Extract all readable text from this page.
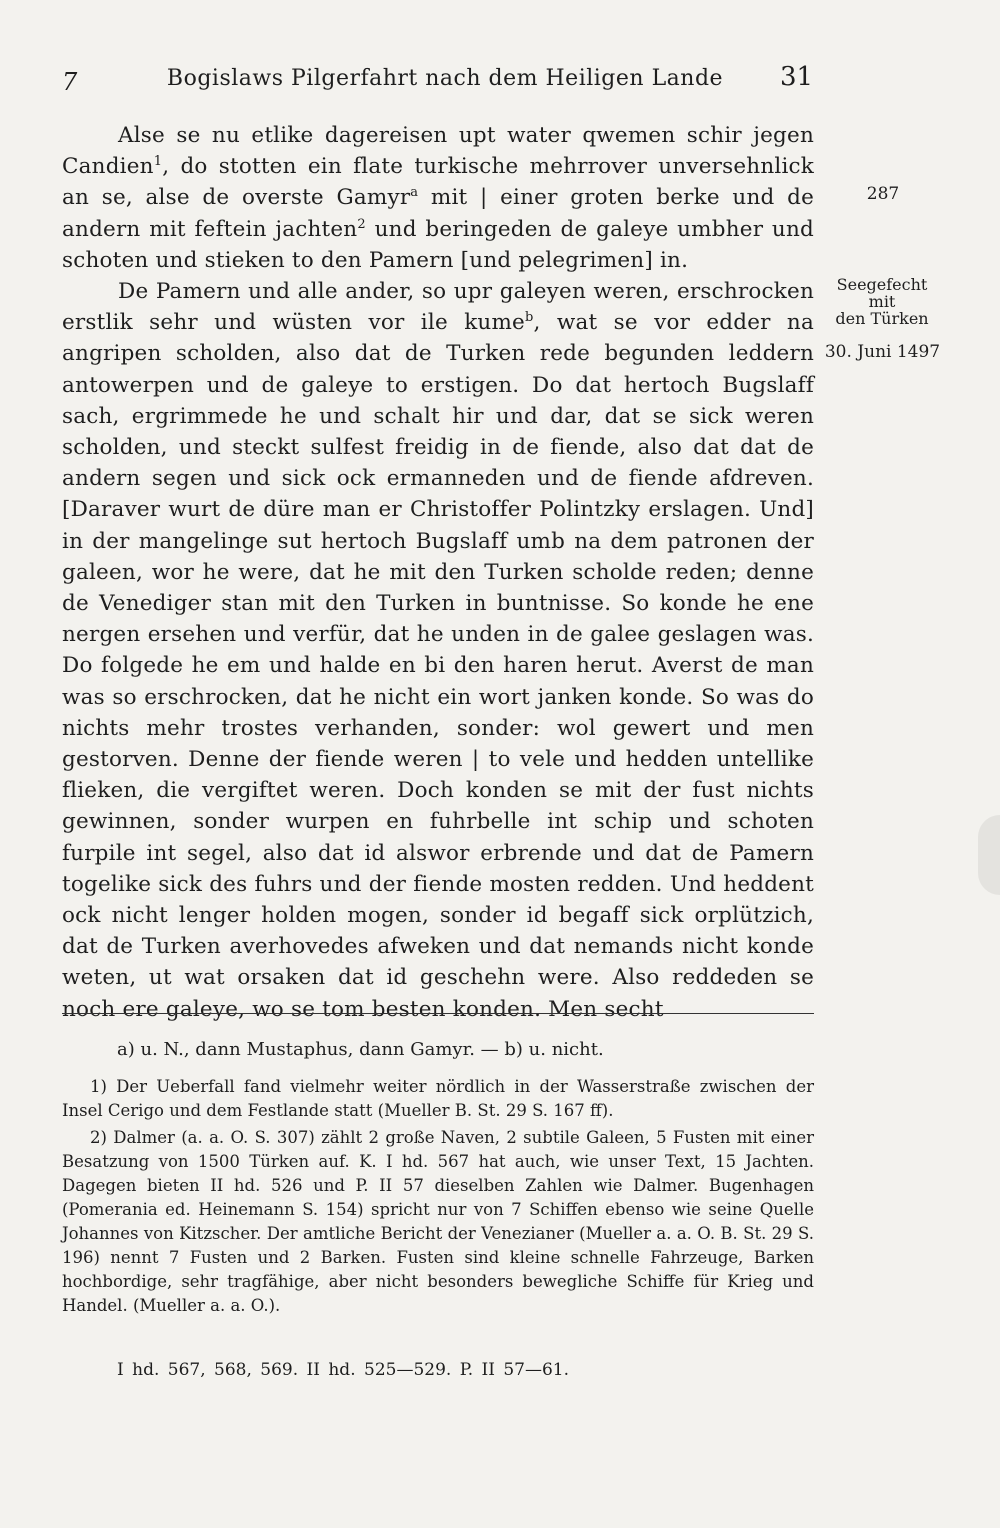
7	Bogislaws Pilgerfahrt nach dem Heiligen Lande	31

Alse se nu etlike dagereisen upt water qwemen schir jegen Candien$^1$, do stotten ein flate turkische mehrrover unversehnlick an se, alse de overste Gamyr$^a$ mit | einer groten berke und de andern mit feftein jachten$^2$ und beringeden de galeye umbher und schoten und stieken to den Pamern [und pelegrimen] in.

De Pamern und alle ander, so upr galeyen weren, erschrocken erstlik sehr und wüsten vor ile kume$^b$, wat se vor edder na angripen scholden, also dat de Turken rede begunden leddern antowerpen und de galeye to erstigen. Do dat hertoch Bugslaff sach, ergrimmede he und schalt hir und dar, dat se sick weren scholden, und steckt sulfest freidig in de fiende, also dat dat de andern segen und sick ock ermanneden und de fiende afdreven. [Daraver wurt de düre man er Christoffer Polintzky erslagen. Und] in der mangelinge sut hertoch Bugslaff umb na dem patronen der galeen, wor he were, dat he mit den Turken scholde reden; denne de Venediger stan mit den Turken in buntnisse. So konde he ene nergen ersehen und verfür, dat he unden in de galee geslagen was. Do folgede he em und halde en bi den haren herut. Averst de man was so erschrocken, dat he nicht ein wort janken konde. So was do nichts mehr trostes verhanden, sonder: wol gewert und men gestorven. Denne der fiende weren | to vele und hedden untellike flieken, die vergiftet weren. Doch konden se mit der fust nichts gewinnen, sonder wurpen en fuhrbelle int schip und schoten furpile int segel, also dat id alswor erbrende und dat de Pamern togelike sick des fuhrs und der fiende mosten redden. Und heddent ock nicht lenger holden mogen, sonder id begaff sick orplützich, dat de Turken averhovedes afweken und dat nemands nicht konde weten, ut wat orsaken dat id geschehn were. Also reddeden se noch ere galeye, wo se tom besten konden. Men secht

287
Seegefecht
mit
den Türken
30. Juni 1497

a) u. N., dann Mustaphus, dann Gamyr. — b) u. nicht.

1) Der Ueberfall fand vielmehr weiter nördlich in der Wasserstraße zwischen der Insel Cerigo und dem Festlande statt (Mueller B. St. 29 S. 167 ff).

2) Dalmer (a. a. O. S. 307) zählt 2 große Naven, 2 subtile Galeen, 5 Fusten mit einer Besatzung von 1500 Türken auf. K. I hd. 567 hat auch, wie unser Text, 15 Jachten. Dagegen bieten II hd. 526 und P. II 57 dieselben Zahlen wie Dalmer. Bugenhagen (Pomerania ed. Heinemann S. 154) spricht nur von 7 Schiffen ebenso wie seine Quelle Johannes von Kitzscher. Der amtliche Bericht der Venezianer (Mueller a. a. O. B. St. 29 S. 196) nennt 7 Fusten und 2 Barken. Fusten sind kleine schnelle Fahrzeuge, Barken hochbordige, sehr tragfähige, aber nicht besonders bewegliche Schiffe für Krieg und Handel. (Mueller a. a. O.).

I hd. 567, 568, 569. II hd. 525—529. P. II 57—61.
